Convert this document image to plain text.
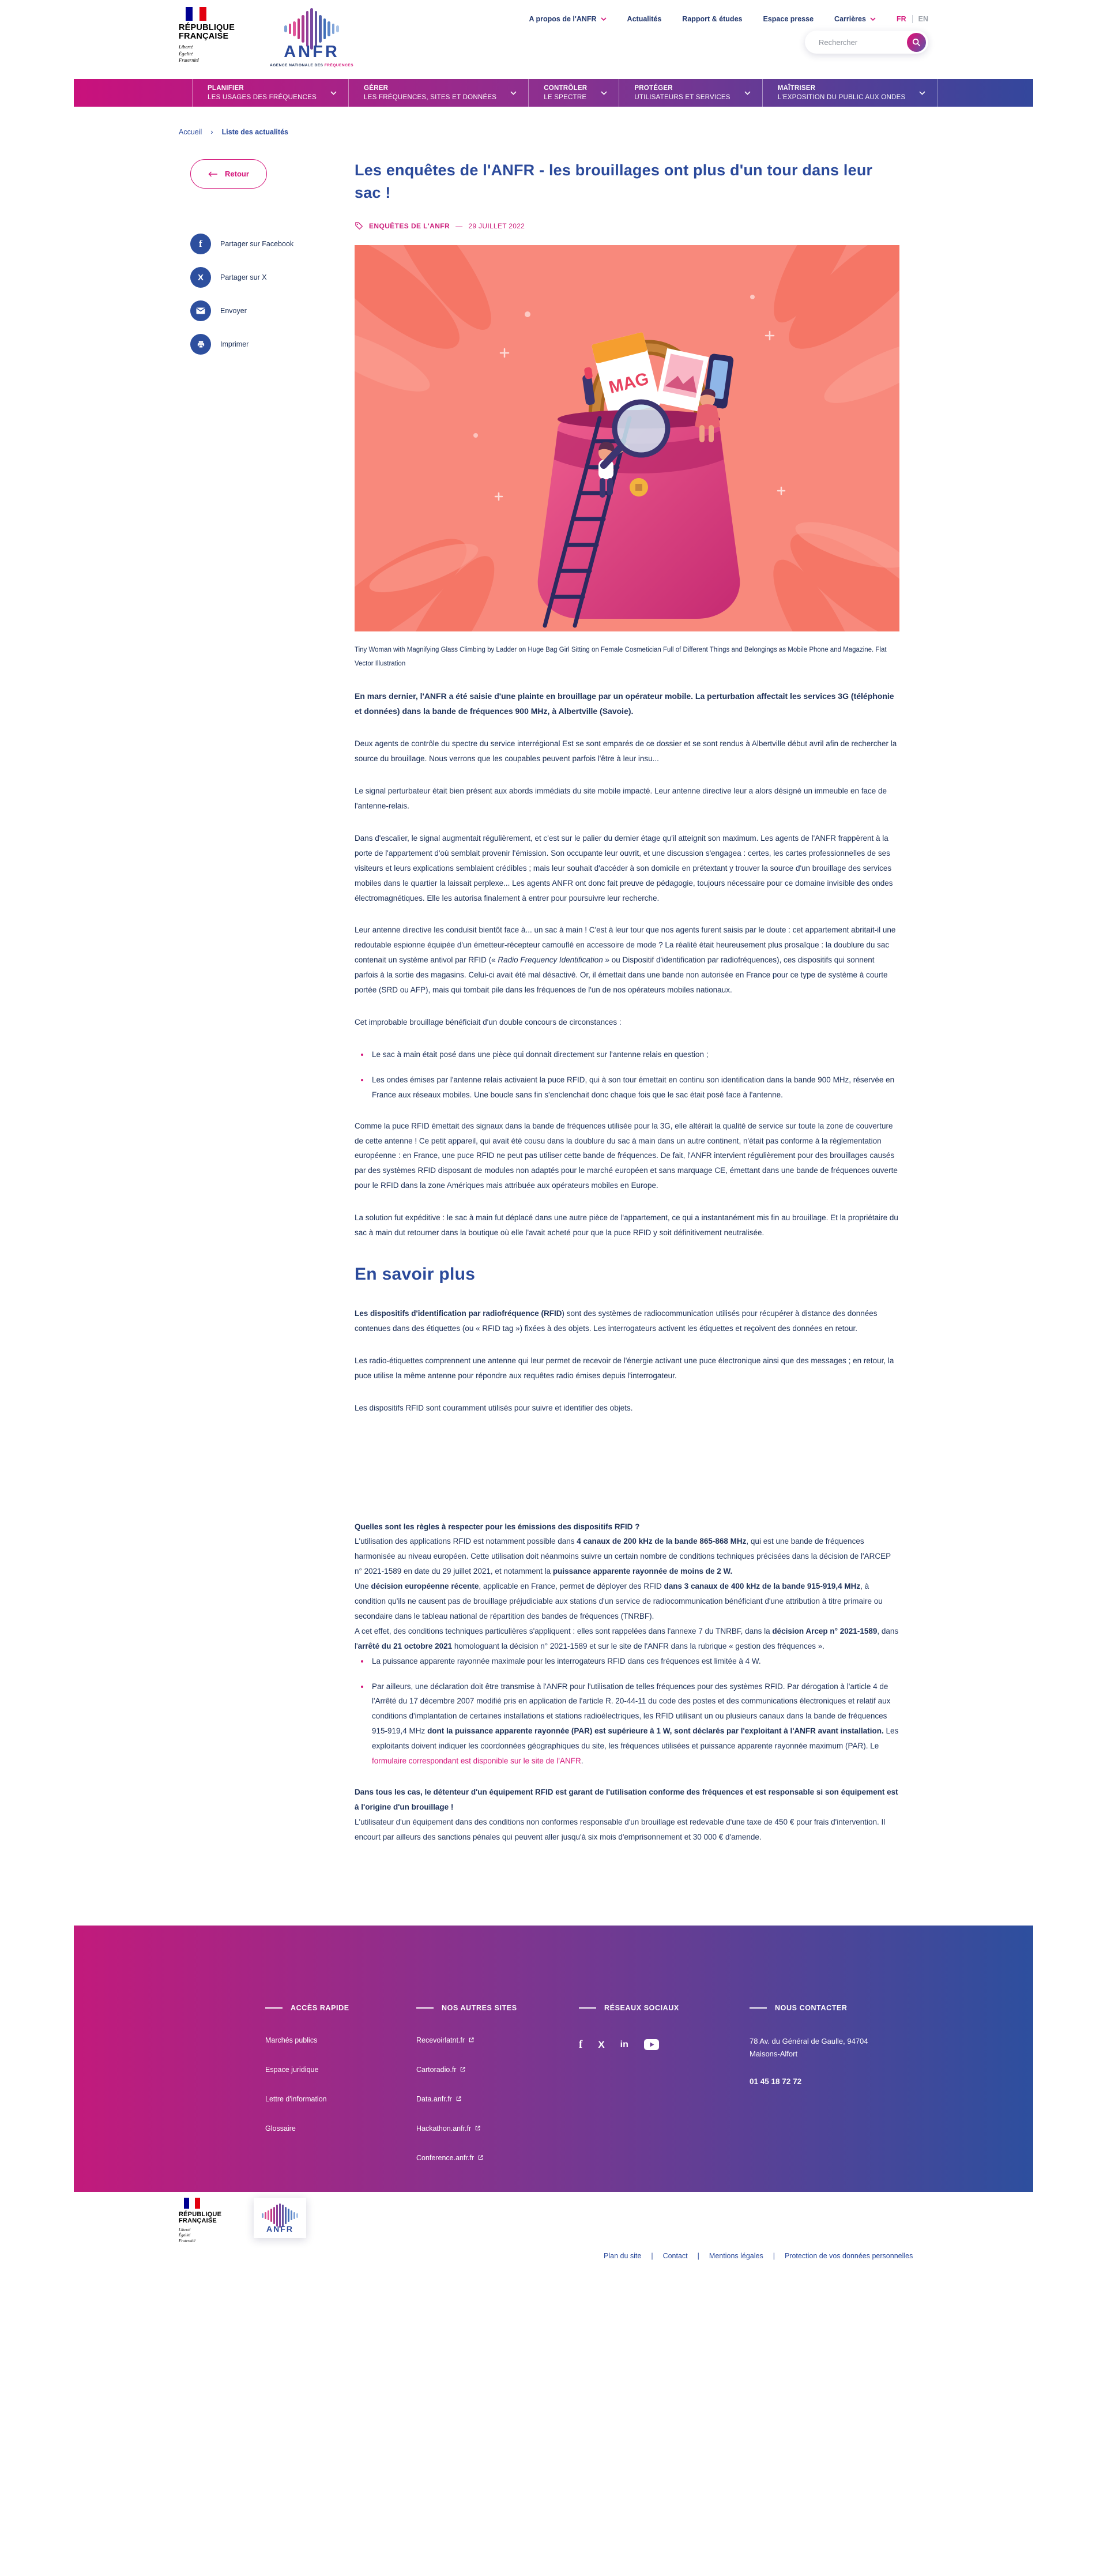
RÉPUBLIQUE
FRANÇAISE
Liberté
Égalité
Fraternité	ANFR
AGENCE NATIONALE DES FRÉQUENCES
A propos de l'ANFR	Actualités	Rapport & études	Espace presse	Carrières	FR EN
Rechercher
PLANIFIER
LES USAGES DES FRÉQUENCES
GÉRER
LES FRÉQUENCES, SITES ET DONNÉES
CONTRÔLER
LE SPECTRE
PROTÉGER
UTILISATEURS ET SERVICES
MAÎTRISER
L'EXPOSITION DU PUBLIC AUX ONDES
Accueil › Liste des actualités
Retour
f	Partager sur Facebook
X	Partager sur X
Envoyer
Imprimer
Les enquêtes de l'ANFR - les brouillages ont plus d'un tour dans leur sac !
ENQUÊTES DE L'ANFR — 29 JUILLET 2022
MAG
Tiny Woman with Magnifying Glass Climbing by Ladder on Huge Bag Girl Sitting on Female Cosmetician Full of Different Things and Belongings as Mobile Phone and Magazine. Flat Vector Illustration

En mars dernier, l'ANFR a été saisie d'une plainte en brouillage par un opérateur mobile. La perturbation affectait les services 3G (téléphonie et données) dans la bande de fréquences 900 MHz, à Albertville (Savoie).

Deux agents de contrôle du spectre du service interrégional Est se sont emparés de ce dossier et se sont rendus à Albertville début avril afin de rechercher la source du brouillage. Nous verrons que les coupables peuvent parfois l'être à leur insu...

Le signal perturbateur était bien présent aux abords immédiats du site mobile impacté. Leur antenne directive leur a alors désigné un immeuble en face de l'antenne-relais.

Dans d'escalier, le signal augmentait régulièrement, et c'est sur le palier du dernier étage qu'il atteignit son maximum. Les agents de l'ANFR frappèrent à la porte de l'appartement d'où semblait provenir l'émission. Son occupante leur ouvrit, et une discussion s'engagea : certes, les cartes professionnelles de ses visiteurs et leurs explications semblaient crédibles ; mais leur souhait d'accéder à son domicile en prétextant y trouver la source d'un brouillage des services mobiles dans le quartier la laissait perplexe... Les agents ANFR ont donc fait preuve de pédagogie, toujours nécessaire pour ce domaine invisible des ondes électromagnétiques. Elle les autorisa finalement à entrer pour poursuivre leur recherche.

Leur antenne directive les conduisit bientôt face à... un sac à main ! C'est à leur tour que nos agents furent saisis par le doute : cet appartement abritait-il une redoutable espionne équipée d'un émetteur-récepteur camouflé en accessoire de mode ? La réalité était heureusement plus prosaïque : la doublure du sac contenait un système antivol par RFID (« Radio Frequency Identification » ou Dispositif d'identification par radiofréquences), ces dispositifs qui sonnent parfois à la sortie des magasins. Celui-ci avait été mal désactivé. Or, il émettait dans une bande non autorisée en France pour ce type de système à courte portée (SRD ou AFP), mais qui tombait pile dans les fréquences de l'un de nos opérateurs mobiles nationaux.

Cet improbable brouillage bénéficiait d'un double concours de circonstances :

Le sac à main était posé dans une pièce qui donnait directement sur l'antenne relais en question ;
Les ondes émises par l'antenne relais activaient la puce RFID, qui à son tour émettait en continu son identification dans la bande 900 MHz, réservée en France aux réseaux mobiles. Une boucle sans fin s'enclenchait donc chaque fois que le sac était posé face à l'antenne.

Comme la puce RFID émettait des signaux dans la bande de fréquences utilisée pour la 3G, elle altérait la qualité de service sur toute la zone de couverture de cette antenne ! Ce petit appareil, qui avait été cousu dans la doublure du sac à main dans un autre continent, n'était pas conforme à la réglementation européenne : en France, une puce RFID ne peut pas utiliser cette bande de fréquences. De fait, l'ANFR intervient régulièrement pour des brouillages causés par des systèmes RFID disposant de modules non adaptés pour le marché européen et sans marquage CE, émettant dans une bande de fréquences ouverte pour le RFID dans la zone Amériques mais attribuée aux opérateurs mobiles en Europe.

La solution fut expéditive : le sac à main fut déplacé dans une autre pièce de l'appartement, ce qui a instantanément mis fin au brouillage. Et la propriétaire du sac à main dut retourner dans la boutique où elle l'avait acheté pour que la puce RFID y soit définitivement neutralisée.

En savoir plus

Les dispositifs d'identification par radiofréquence (RFID) sont des systèmes de radiocommunication utilisés pour récupérer à distance des données contenues dans des étiquettes (ou « RFID tag ») fixées à des objets. Les interrogateurs activent les étiquettes et reçoivent des données en retour.

Les radio-étiquettes comprennent une antenne qui leur permet de recevoir de l'énergie activant une puce électronique ainsi que des messages ; en retour, la puce utilise la même antenne pour répondre aux requêtes radio émises depuis l'interrogateur.

Les dispositifs RFID sont couramment utilisés pour suivre et identifier des objets.

Quelles sont les règles à respecter pour les émissions des dispositifs RFID ?

L'utilisation des applications RFID est notamment possible dans 4 canaux de 200 kHz de la bande 865-868 MHz, qui est une bande de fréquences harmonisée au niveau européen. Cette utilisation doit néanmoins suivre un certain nombre de conditions techniques précisées dans la décision de l'ARCEP n° 2021-1589 en date du 29 juillet 2021, et notamment la puissance apparente rayonnée de moins de 2 W.

Une décision européenne récente, applicable en France, permet de déployer des RFID dans 3 canaux de 400 kHz de la bande 915-919,4 MHz, à condition qu'ils ne causent pas de brouillage préjudiciable aux stations d'un service de radiocommunication bénéficiant d'une attribution à titre primaire ou secondaire dans le tableau national de répartition des bandes de fréquences (TNRBF).

A cet effet, des conditions techniques particulières s'appliquent : elles sont rappelées dans l'annexe 7 du TNRBF, dans la décision Arcep n° 2021-1589, dans l'arrêté du 21 octobre 2021 homologuant la décision n° 2021-1589 et sur le site de l'ANFR dans la rubrique « gestion des fréquences ».

La puissance apparente rayonnée maximale pour les interrogateurs RFID dans ces fréquences est limitée à 4 W.
Par ailleurs, une déclaration doit être transmise à l'ANFR pour l'utilisation de telles fréquences pour des systèmes RFID. Par dérogation à l'article 4 de l'Arrêté du 17 décembre 2007 modifié pris en application de l'article R. 20-44-11 du code des postes et des communications électroniques et relatif aux conditions d'implantation de certaines installations et stations radioélectriques, les RFID utilisant un ou plusieurs canaux dans la bande de fréquences 915-919,4 MHz dont la puissance apparente rayonnée (PAR) est supérieure à 1 W, sont déclarés par l'exploitant à l'ANFR avant installation. Les exploitants doivent indiquer les coordonnées géographiques du site, les fréquences utilisées et puissance apparente rayonnée maximum (PAR). Le formulaire correspondant est disponible sur le site de l'ANFR.

Dans tous les cas, le détenteur d'un équipement RFID est garant de l'utilisation conforme des fréquences et est responsable si son équipement est à l'origine d'un brouillage !

L'utilisateur d'un équipement dans des conditions non conformes responsable d'un brouillage est redevable d'une taxe de 450 € pour frais d'intervention. Il encourt par ailleurs des sanctions pénales qui peuvent aller jusqu'à six mois d'emprisonnement et 30 000 € d'amende.

ACCÈS RAPIDE
Marchés publics
Espace juridique
Lettre d'information
Glossaire
NOS AUTRES SITES
Recevoirlatnt.fr
Cartoradio.fr
Data.anfr.fr
Hackathon.anfr.fr
Conference.anfr.fr
RÉSEAUX SOCIAUX
f X in
NOUS CONTACTER
78 Av. du Général de Gaulle, 94704 Maisons-Alfort
01 45 18 72 72
RÉPUBLIQUE
FRANÇAISE
Liberté
Égalité
Fraternité
ANFR
Plan du site | Contact | Mentions légales | Protection de vos données personnelles
